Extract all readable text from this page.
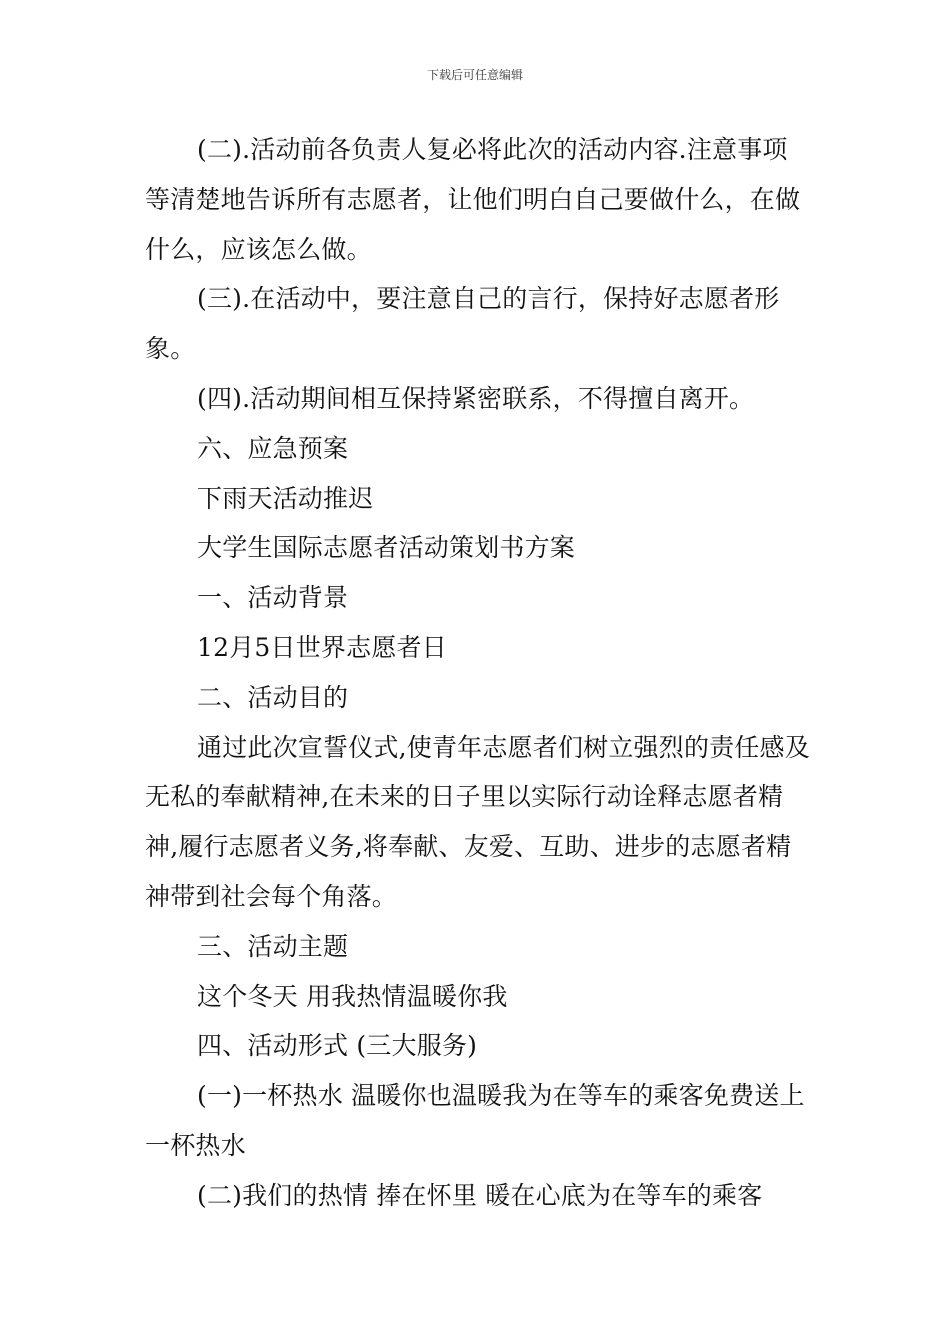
下载后可任意编辑

(二).活动前各负责人复必将此次的活动内容.注意事项等清楚地告诉所有志愿者，让他们明白自己要做什么，在做什么，应该怎么做。

(三).在活动中，要注意自己的言行，保持好志愿者形象。

(四).活动期间相互保持紧密联系，不得擅自离开。

六、应急预案

下雨天活动推迟

大学生国际志愿者活动策划书方案

一、活动背景

12月5日世界志愿者日

二、活动目的

通过此次宣誓仪式,使青年志愿者们树立强烈的责任感及无私的奉献精神,在未来的日子里以实际行动诠释志愿者精神,履行志愿者义务,将奉献、友爱、互助、进步的志愿者精神带到社会每个角落。

三、活动主题

这个冬天 用我热情温暖你我

四、活动形式 (三大服务)

(一)一杯热水 温暖你也温暖我为在等车的乘客免费送上一杯热水

(二)我们的热情 捧在怀里 暖在心底为在等车的乘客
